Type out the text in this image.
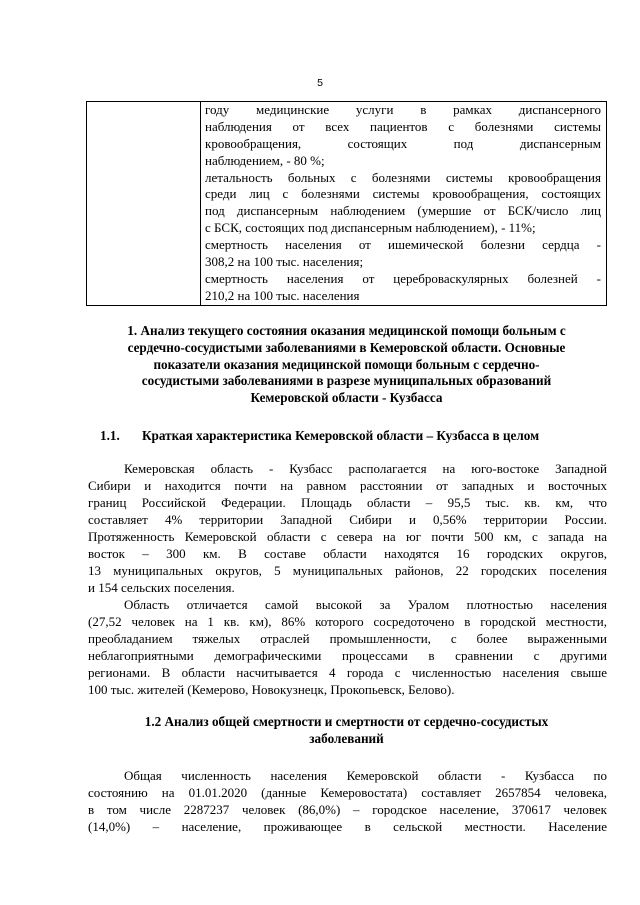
5

году медицинские услуги в рамках диспансерного
наблюдения от всех пациентов с болезнями системы
кровообращения, состоящих под диспансерным
наблюдением, - 80 %;
летальность больных с болезнями системы кровообращения
среди лиц с болезнями системы кровообращения, состоящих
под диспансерным наблюдением (умершие от БСК/число лиц
с БСК, состоящих под диспансерным наблюдением), - 11%;
смертность населения от ишемической болезни сердца -
308,2 на 100 тыс. населения;
смертность населения от цереброваскулярных болезней -
210,2 на 100 тыс. населения
1. Анализ текущего состояния оказания медицинской помощи больным с
сердечно-сосудистыми заболеваниями в Кемеровской области. Основные
показатели оказания медицинской помощи больным с сердечно-
сосудистыми заболеваниями в разрезе муниципальных образований
Кемеровской области - Кузбасса
1.1. Краткая характеристика Кемеровской области – Кузбасса в целом
Кемеровская область - Кузбасс располагается на юго-востоке Западной
Сибири и находится почти на равном расстоянии от западных и восточных
границ Российской Федерации. Площадь области – 95,5 тыс. кв. км, что
составляет 4% территории Западной Сибири и 0,56% территории России.
Протяженность Кемеровской области с севера на юг почти 500 км, с запада на
восток – 300 км. В составе области находятся 16 городских округов,
13 муниципальных округов, 5 муниципальных районов, 22 городских поселения
и 154 сельских поселения.
Область отличается самой высокой за Уралом плотностью населения
(27,52 человек на 1 кв. км), 86% которого сосредоточено в городской местности,
преобладанием тяжелых отраслей промышленности, с более выраженными
неблагоприятными демографическими процессами в сравнении с другими
регионами. В области насчитывается 4 города с численностью населения свыше
100 тыс. жителей (Кемерово, Новокузнецк, Прокопьевск, Белово).
1.2 Анализ общей смертности и смертности от сердечно-сосудистых
заболеваний
Общая численность населения Кемеровской области - Кузбасса по
состоянию на 01.01.2020 (данные Кемеровостата) составляет 2657854 человека,
в том числе 2287237 человек (86,0%) – городское население, 370617 человек
(14,0%) – население, проживающее в сельской местности. Население
